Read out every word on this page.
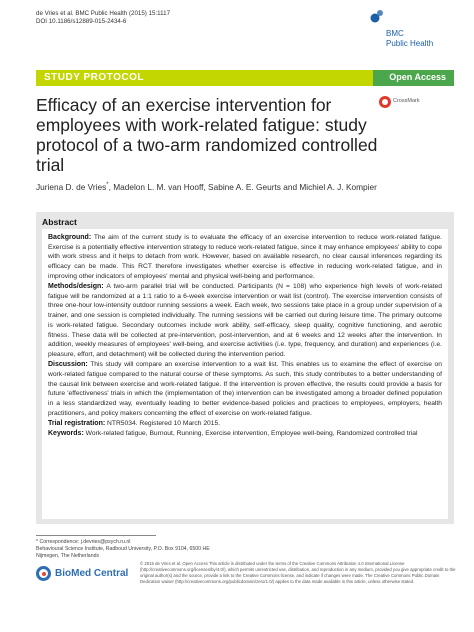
de Vries et al. BMC Public Health (2015) 15:1117
DOI 10.1186/s12889-015-2434-6
BMC
Public Health
STUDY PROTOCOL	Open Access
CrossMark
Efficacy of an exercise intervention for employees with work-related fatigue: study protocol of a two-arm randomized controlled trial
Juriena D. de Vries*, Madelon L. M. van Hooff, Sabine A. E. Geurts and Michiel A. J. Kompier
Abstract

Background: The aim of the current study is to evaluate the efficacy of an exercise intervention to reduce work-related fatigue. Exercise is a potentially effective intervention strategy to reduce work-related fatigue, since it may enhance employees' ability to cope with work stress and it helps to detach from work. However, based on available research, no clear causal inferences regarding its efficacy can be made. This RCT therefore investigates whether exercise is effective in reducing work-related fatigue, and in improving other indicators of employees' mental and physical well-being and performance.

Methods/design: A two-arm parallel trial will be conducted. Participants (N = 108) who experience high levels of work-related fatigue will be randomized at a 1:1 ratio to a 6-week exercise intervention or wait list (control). The exercise intervention consists of three one-hour low-intensity outdoor running sessions a week. Each week, two sessions take place in a group under supervision of a trainer, and one session is completed individually. The running sessions will be carried out during leisure time. The primary outcome is work-related fatigue. Secondary outcomes include work ability, self-efficacy, sleep quality, cognitive functioning, and aerobic fitness. These data will be collected at pre-intervention, post-intervention, and at 6 weeks and 12 weeks after the intervention. In addition, weekly measures of employees' well-being, and exercise activities (i.e. type, frequency, and duration) and experiences (i.e. pleasure, effort, and detachment) will be collected during the intervention period.

Discussion: This study will compare an exercise intervention to a wait list. This enables us to examine the effect of exercise on work-related fatigue compared to the natural course of these symptoms. As such, this study contributes to a better understanding of the causal link between exercise and work-related fatigue. If the intervention is proven effective, the results could provide a basis for future 'effectiveness' trials in which the (implementation of the) intervention can be investigated among a broader defined population in a less standardized way, eventually leading to better evidence-based policies and practices to employees, employers, health practitioners, and policy makers concerning the effect of exercise on work-related fatigue.

Trial registration: NTR5034. Registered 10 March 2015.

Keywords: Work-related fatigue, Burnout, Running, Exercise intervention, Employee well-being, Randomized controlled trial

* Correspondence: j.devries@psych.ru.nl
Behavioural Science Institute, Radboud University, P.O. Box 9104, 6500 HE
Nijmegen, The Netherlands
BioMed Central
© 2015 de Vries et al. Open Access This article is distributed under the terms of the Creative Commons Attribution 4.0 International License (http://creativecommons.org/licenses/by/4.0/), which permits unrestricted use, distribution, and reproduction in any medium, provided you give appropriate credit to the original author(s) and the source, provide a link to the Creative Commons license, and indicate if changes were made. The Creative Commons Public Domain Dedication waiver (http://creativecommons.org/publicdomain/zero/1.0/) applies to the data made available in this article, unless otherwise stated.
